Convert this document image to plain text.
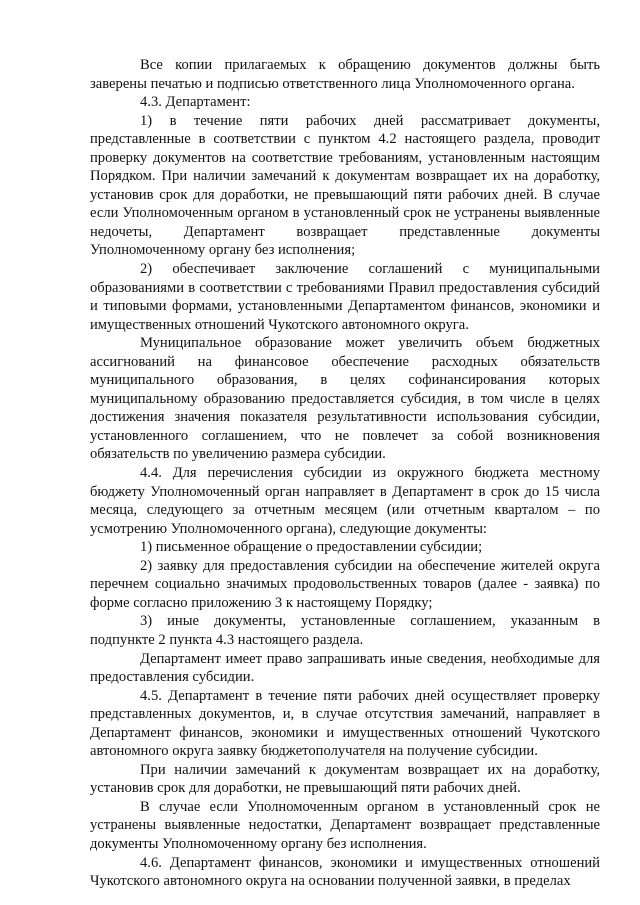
Все копии прилагаемых к обращению документов должны быть заверены печатью и подписью ответственного лица Уполномоченного органа.

4.3. Департамент:

1) в течение пяти рабочих дней рассматривает документы, представленные в соответствии с пунктом 4.2 настоящего раздела, проводит проверку документов на соответствие требованиям, установленным настоящим Порядком. При наличии замечаний к документам возвращает их на доработку, установив срок для доработки, не превышающий пяти рабочих дней. В случае если Уполномоченным органом в установленный срок не устранены выявленные недочеты, Департамент возвращает представленные документы Уполномоченному органу без исполнения;

2) обеспечивает заключение соглашений с муниципальными образованиями в соответствии с требованиями Правил предоставления субсидий и типовыми формами, установленными Департаментом финансов, экономики и имущественных отношений Чукотского автономного округа.

Муниципальное образование может увеличить объем бюджетных ассигнований на финансовое обеспечение расходных обязательств муниципального образования, в целях софинансирования которых муниципальному образованию предоставляется субсидия, в том числе в целях достижения значения показателя результативности использования субсидии, установленного соглашением, что не повлечет за собой возникновения обязательств по увеличению размера субсидии.

4.4. Для перечисления субсидии из окружного бюджета местному бюджету Уполномоченный орган направляет в Департамент в срок до 15 числа месяца, следующего за отчетным месяцем (или отчетным кварталом – по усмотрению Уполномоченного органа), следующие документы:

1) письменное обращение о предоставлении субсидии;

2) заявку для предоставления субсидии на обеспечение жителей округа перечнем социально значимых продовольственных товаров (далее - заявка) по форме согласно приложению 3 к настоящему Порядку;

3) иные документы, установленные соглашением, указанным в подпункте 2 пункта 4.3 настоящего раздела.

Департамент имеет право запрашивать иные сведения, необходимые для предоставления субсидии.

4.5. Департамент в течение пяти рабочих дней осуществляет проверку представленных документов, и, в случае отсутствия замечаний, направляет в Департамент финансов, экономики и имущественных отношений Чукотского автономного округа заявку бюджетополучателя на получение субсидии.

При наличии замечаний к документам возвращает их на доработку, установив срок для доработки, не превышающий пяти рабочих дней.

В случае если Уполномоченным органом в установленный срок не устранены выявленные недостатки, Департамент возвращает представленные документы Уполномоченному органу без исполнения.

4.6. Департамент финансов, экономики и имущественных отношений Чукотского автономного округа на основании полученной заявки, в пределах
